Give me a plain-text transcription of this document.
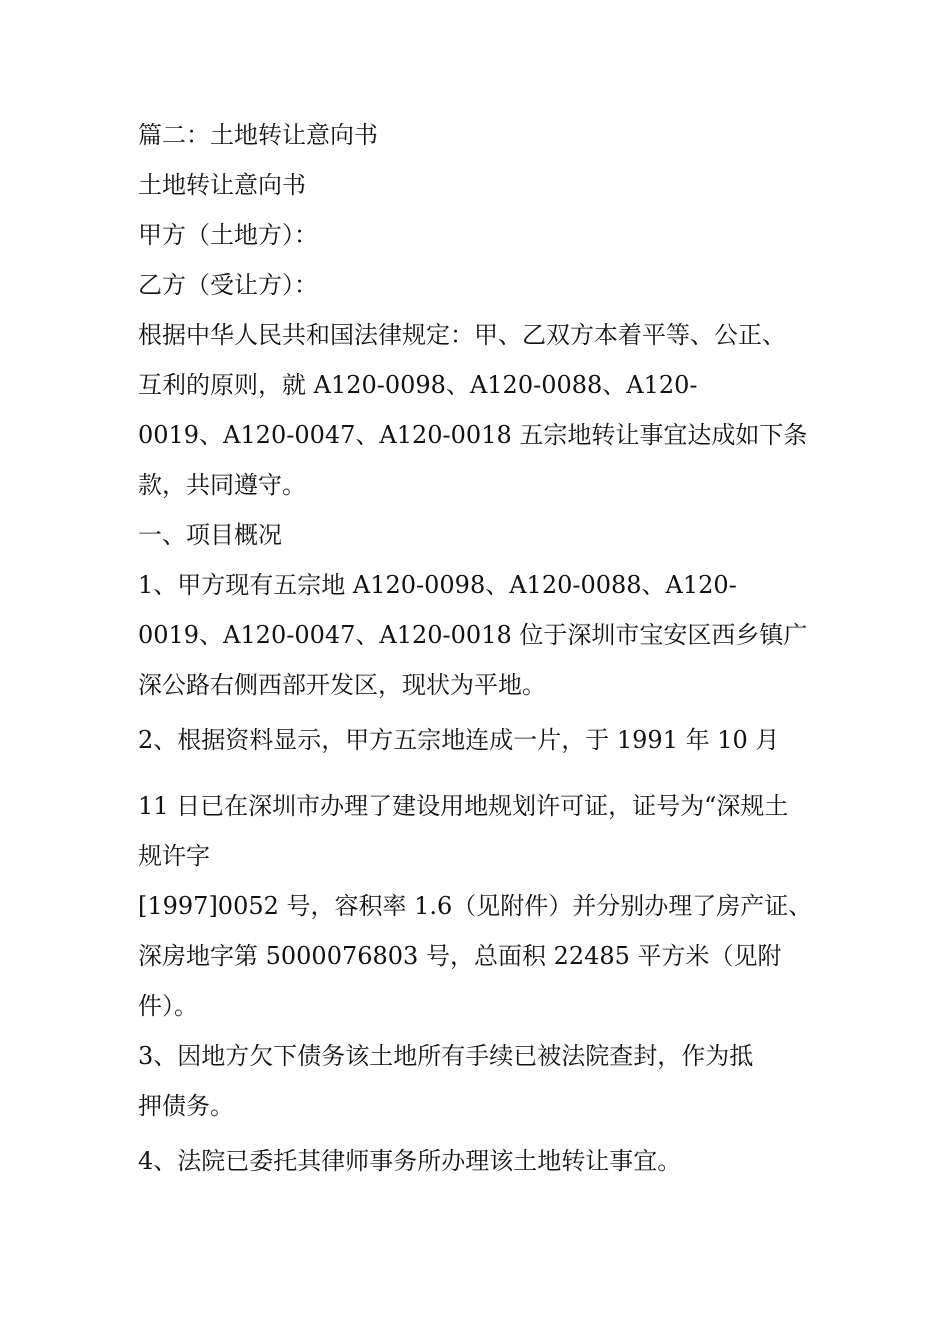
篇二：土地转让意向书

土地转让意向书

甲方（土地方）：

乙方（受让方）：

根据中华人民共和国法律规定：甲、乙双方本着平等、公正、

互利的原则，就 A120-0098、A120-0088、A120-

0019、A120-0047、A120-0018 五宗地转让事宜达成如下条

款，共同遵守。

一、项目概况

1、甲方现有五宗地 A120-0098、A120-0088、A120-

0019、A120-0047、A120-0018 位于深圳市宝安区西乡镇广

深公路右侧西部开发区，现状为平地。

2、根据资料显示，甲方五宗地连成一片，于 1991 年 10 月

11 日已在深圳市办理了建设用地规划许可证，证号为“深规土

规许字

[1997]0052 号，容积率 1.6（见附件）并分别办理了房产证、

深房地字第 5000076803 号，总面积 22485 平方米（见附

件）。

3、因地方欠下债务该土地所有手续已被法院查封，作为抵

押债务。

4、法院已委托其律师事务所办理该土地转让事宜。
